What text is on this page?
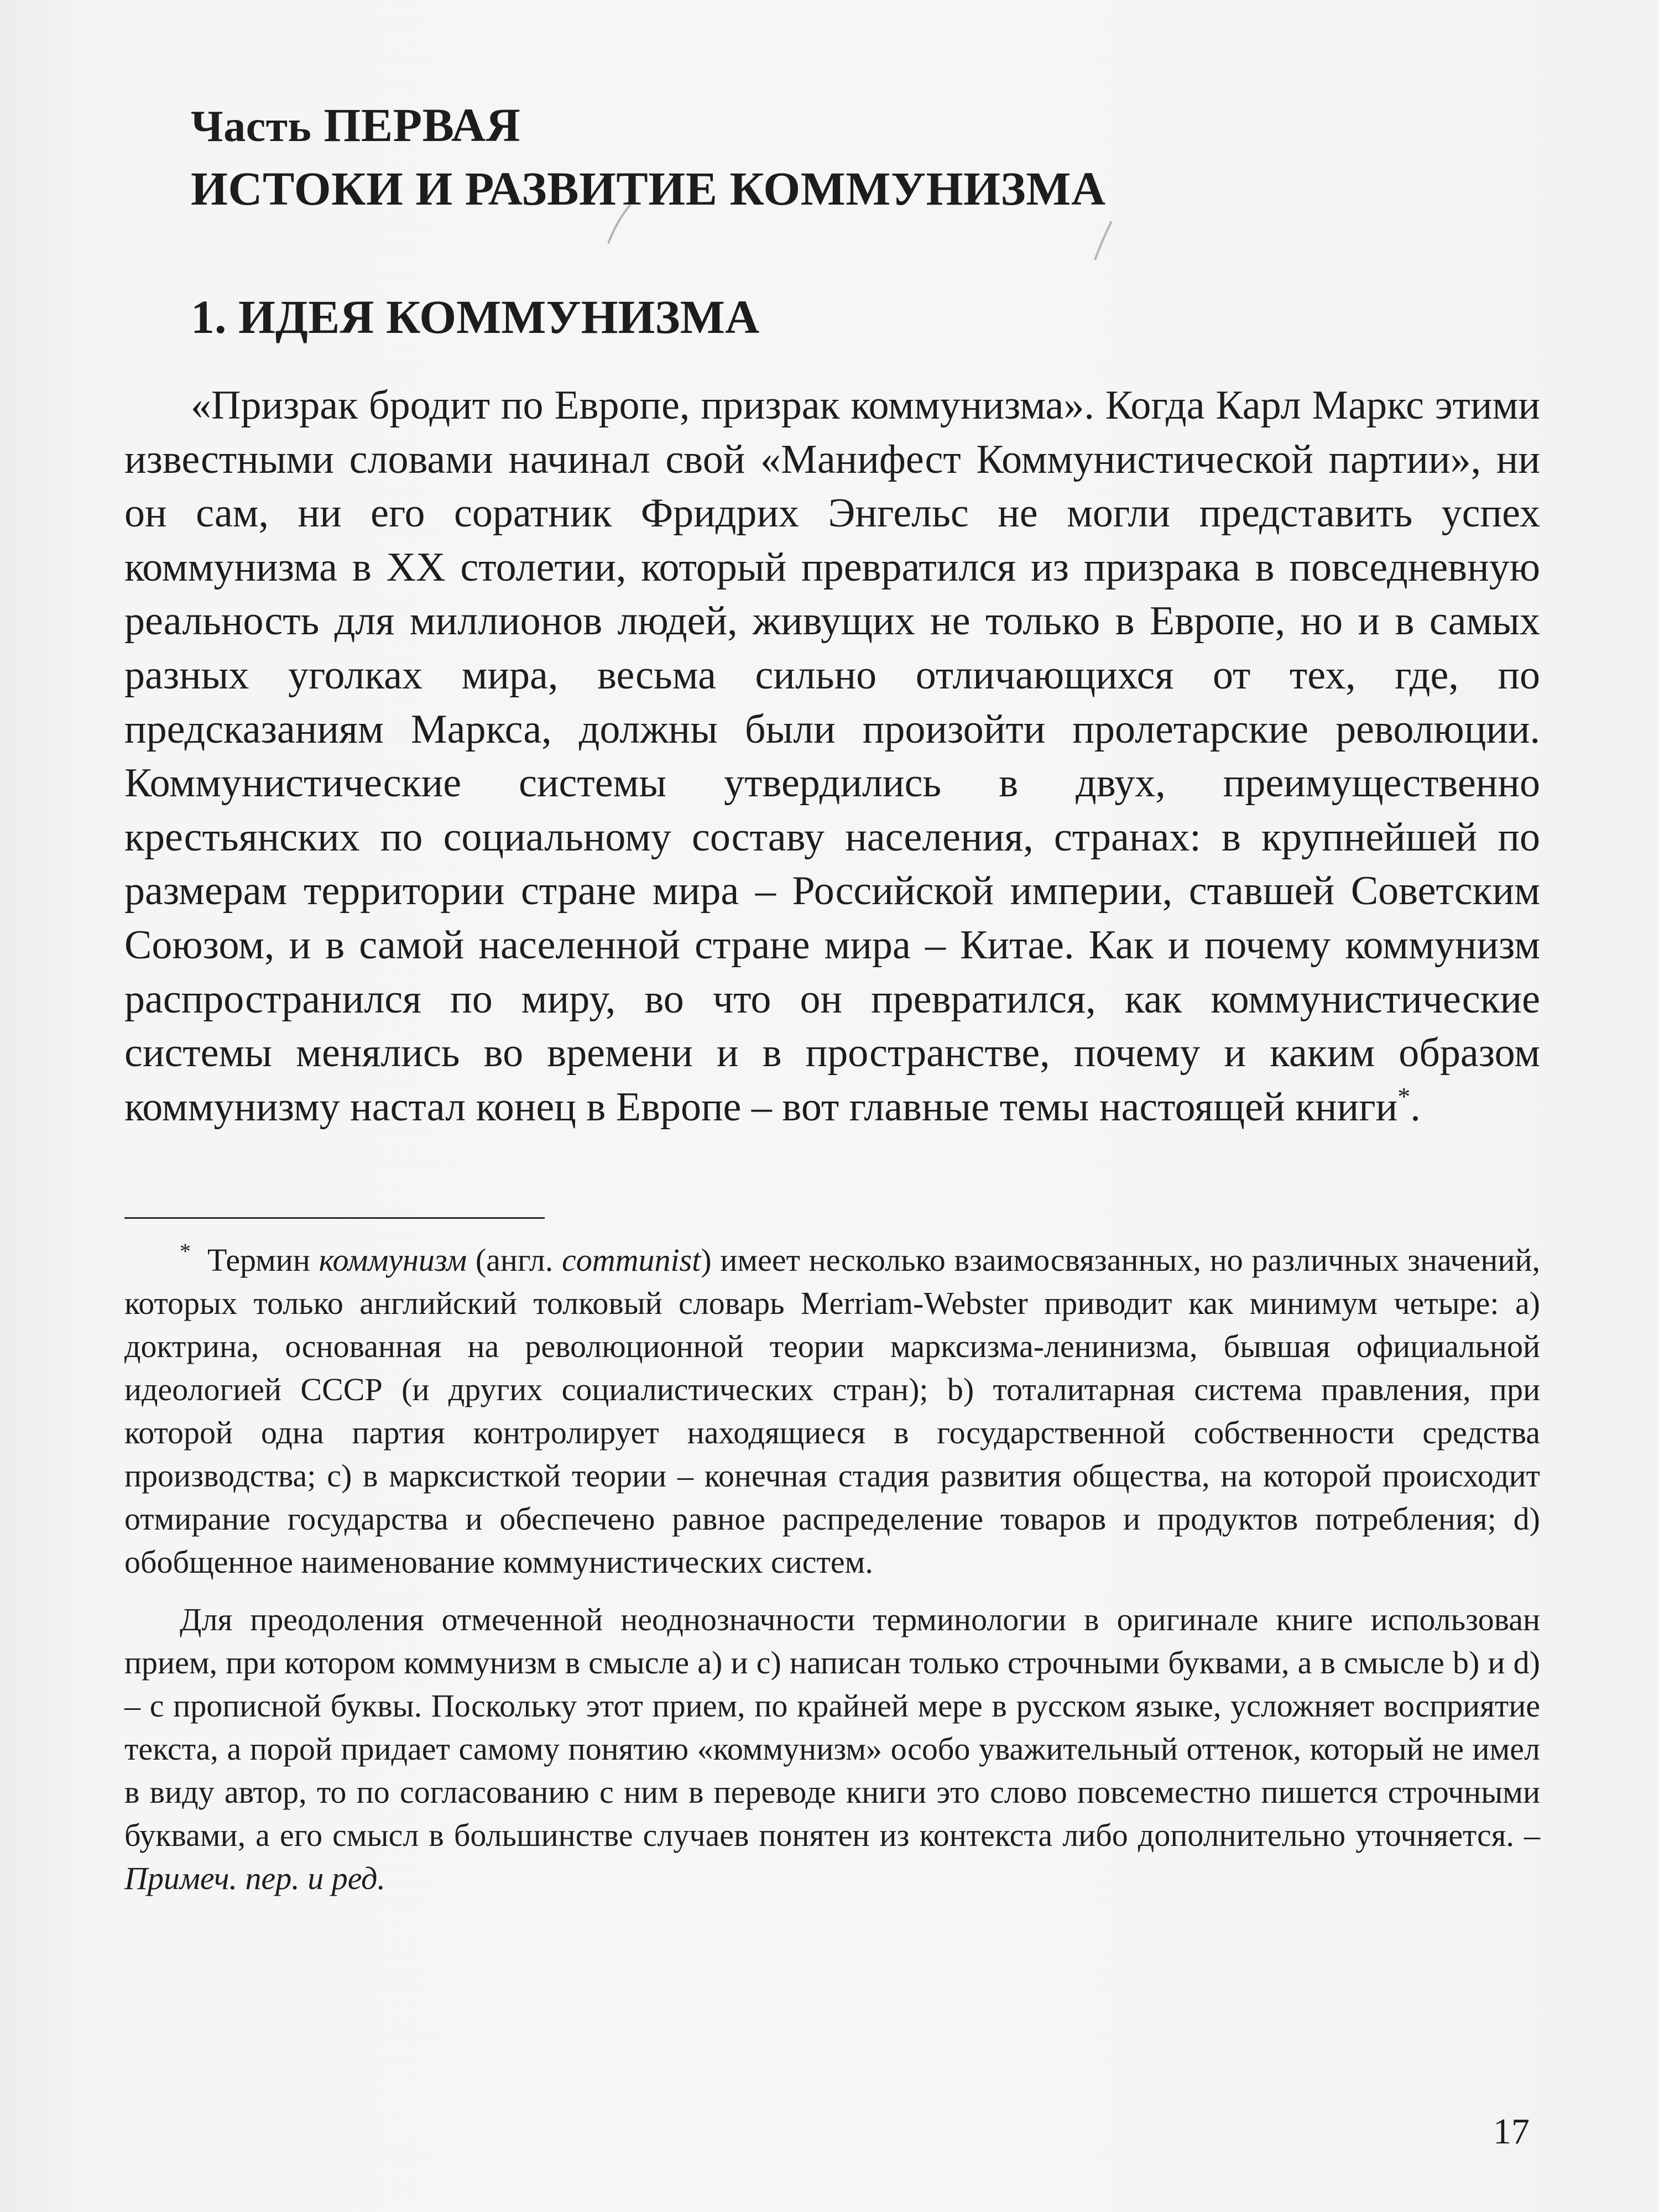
Часть ПЕРВАЯ
ИСТОКИ И РАЗВИТИЕ КОММУНИЗМА
1. ИДЕЯ КОММУНИЗМА

«Призрак бродит по Европе, призрак коммунизма». Когда Карл Маркс этими известными словами начинал свой «Манифест Коммунистической партии», ни он сам, ни его соратник Фридрих Энгельс не могли представить успех коммунизма в XX столетии, который превратился из призрака в повседневную реальность для миллионов людей, живущих не только в Европе, но и в самых разных уголках мира, весьма сильно отличающихся от тех, где, по предсказаниям Маркса, должны были произойти пролетарские революции. Коммунистические системы утвердились в двух, преимущественно крестьянских по социальному составу населения, странах: в крупнейшей по размерам территории стране мира – Российской империи, ставшей Советским Союзом, и в самой населенной стране мира – Китае. Как и почему коммунизм распространился по миру, во что он превратился, как коммунистические системы менялись во времени и в пространстве, почему и каким образом коммунизму настал конец в Европе – вот главные темы настоящей книги*.

* Термин коммунизм (англ. communist) имеет несколько взаимосвязанных, но различных значений, которых только английский толковый словарь Merriam-Webster приводит как минимум четыре: a) доктрина, основанная на революционной теории марксизма-ленинизма, бывшая официальной идеологией СССР (и других социалистических стран); b) тоталитарная система правления, при которой одна партия контролирует находящиеся в государственной собственности средства производства; c) в марксисткой теории – конечная стадия развития общества, на которой происходит отмирание государства и обеспечено равное распределение товаров и продуктов потребления; d) обобщенное наименование коммунистических систем.

Для преодоления отмеченной неоднозначности терминологии в оригинале книге использован прием, при котором коммунизм в смысле a) и c) написан только строчными буквами, а в смысле b) и d) – с прописной буквы. Поскольку этот прием, по крайней мере в русском языке, усложняет восприятие текста, а порой придает самому понятию «коммунизм» особо уважительный оттенок, который не имел в виду автор, то по согласованию с ним в переводе книги это слово повсеместно пишется строчными буквами, а его смысл в большинстве случаев понятен из контекста либо дополнительно уточняется. – Примеч. пер. и ред.

17
